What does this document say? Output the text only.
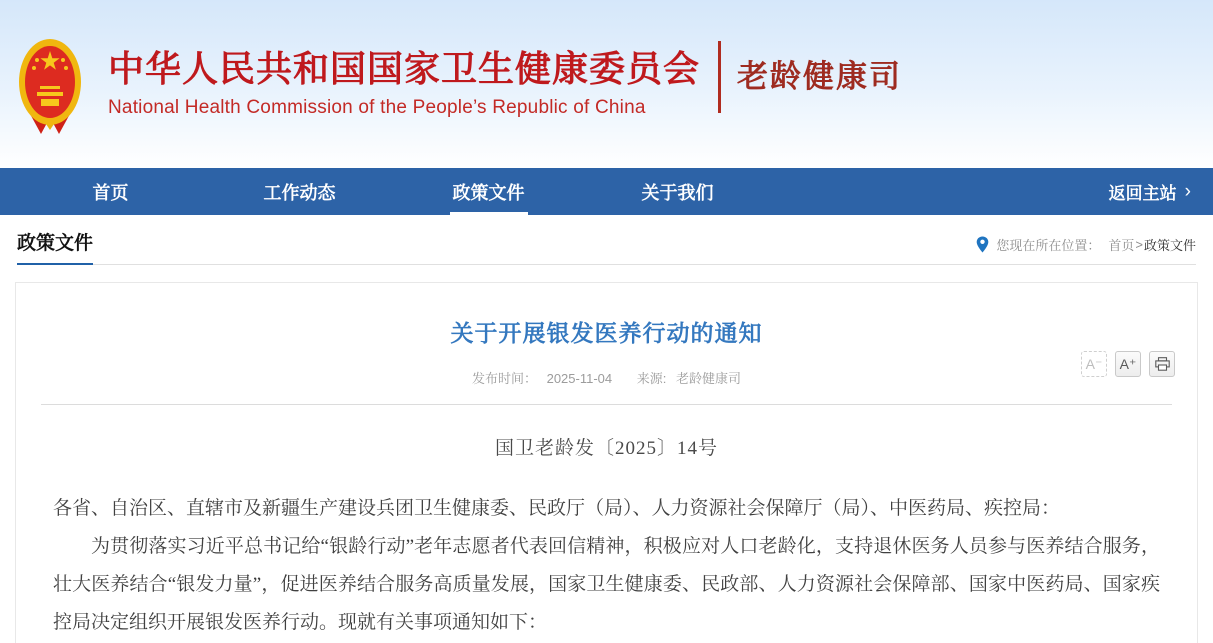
中华人民共和国国家卫生健康委员会
National Health Commission of the People’s Republic of China
老龄健康司
首页	工作动态	政策文件	关于我们	返回主站 ›
政策文件	您现在所在位置： 首页 > 政策文件
关于开展银发医养行动的通知
发布时间： 2025-11-04 来源: 老龄健康司
A⁻	A⁺
国卫老龄发〔2025〕14号

各省、自治区、直辖市及新疆生产建设兵团卫生健康委、民政厅（局）、人力资源社会保障厅（局）、中医药局、疾控局：

为贯彻落实习近平总书记给“银龄行动”老年志愿者代表回信精神，积极应对人口老龄化，支持退休医务人员参与医养结合服务，壮大医养结合“银发力量”，促进医养结合服务高质量发展，国家卫生健康委、民政部、人力资源社会保障部、国家中医药局、国家疾控局决定组织开展银发医养行动。现就有关事项通知如下：
